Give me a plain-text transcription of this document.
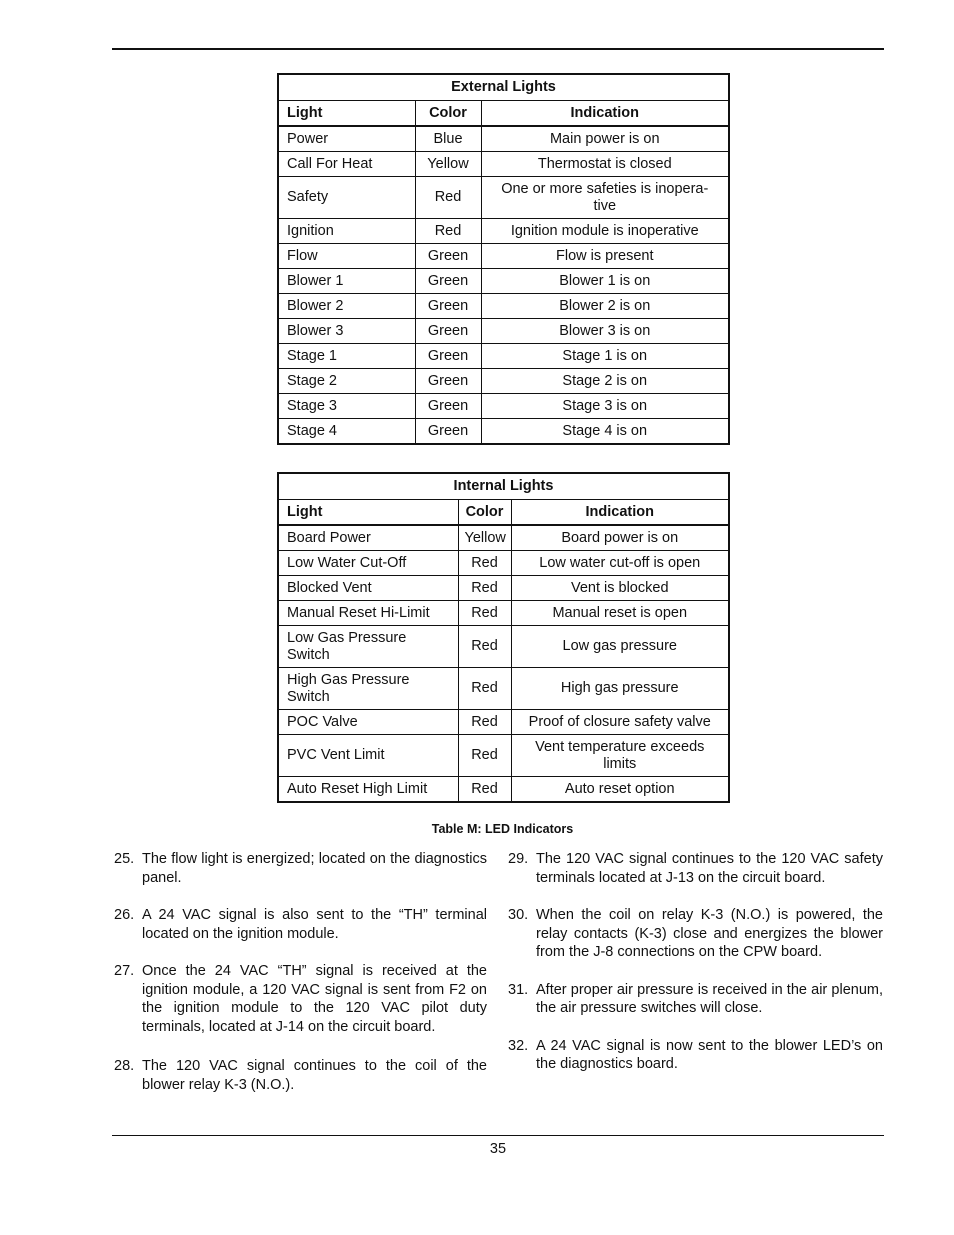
External Lights		
Light	Color	Indication
Power	Blue	Main power is on
Call For Heat	Yellow	Thermostat is closed
Safety	Red	One or more safeties is inopera-
tive
Ignition	Red	Ignition module is inoperative
Flow	Green	Flow is present
Blower 1	Green	Blower 1 is on
Blower 2	Green	Blower 2 is on
Blower 3	Green	Blower 3 is on
Stage 1	Green	Stage 1 is on
Stage 2	Green	Stage 2 is on
Stage 3	Green	Stage 3 is on
Stage 4	Green	Stage 4 is on
Internal Lights		
Light	Color	Indication
Board Power	Yellow	Board power is on
Low Water Cut-Off	Red	Low water cut-off is open
Blocked Vent	Red	Vent is blocked
Manual Reset Hi-Limit	Red	Manual reset is open
Low Gas Pressure
Switch	Red	Low gas pressure
High Gas Pressure
Switch	Red	High gas pressure
POC Valve	Red	Proof of closure safety valve
PVC Vent Limit	Red	Vent temperature exceeds
limits
Auto Reset High Limit	Red	Auto reset option
Table M: LED Indicators
25. The flow light is energized; located on the diagnostics panel.
26. A 24 VAC signal is also sent to the “TH” terminal located on the ignition module.
27. Once the 24 VAC “TH” signal is received at the ignition module, a 120 VAC signal is sent from F2 on the ignition module to the 120 VAC pilot duty terminals, located at J-14 on the circuit board.
28. The 120 VAC signal continues to the coil of the blower relay K-3 (N.O.).
29. The 120 VAC signal continues to the 120 VAC safety terminals located at J-13 on the circuit board.
30. When the coil on relay K-3 (N.O.) is powered, the relay contacts (K-3) close and energizes the blower from the J-8 connections on the CPW board.
31. After proper air pressure is received in the air plenum, the air pressure switches will close.
32. A 24 VAC signal is now sent to the blower LED’s on the diagnostics board.
35
